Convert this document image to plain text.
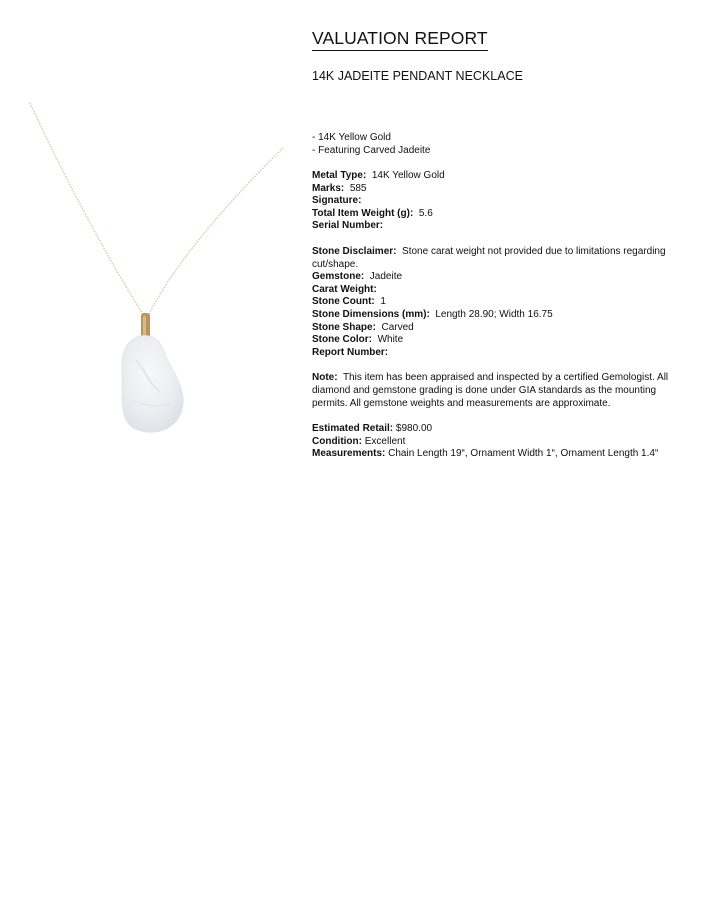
VALUATION REPORT
14K JADEITE PENDANT NECKLACE
- 14K Yellow Gold
- Featuring Carved Jadeite
Metal Type: 14K Yellow Gold
Marks: 585
Signature:
Total Item Weight (g): 5.6
Serial Number:
Stone Disclaimer: Stone carat weight not provided due to limitations regarding cut/shape.
Gemstone: Jadeite
Carat Weight:
Stone Count: 1
Stone Dimensions (mm): Length 28.90; Width 16.75
Stone Shape: Carved
Stone Color: White
Report Number:
Note: This item has been appraised and inspected by a certified Gemologist. All diamond and gemstone grading is done under GIA standards as the mounting permits. All gemstone weights and measurements are approximate.
Estimated Retail: $980.00
Condition: Excellent
Measurements: Chain Length 19“, Ornament Width 1“, Ornament Length 1.4“
